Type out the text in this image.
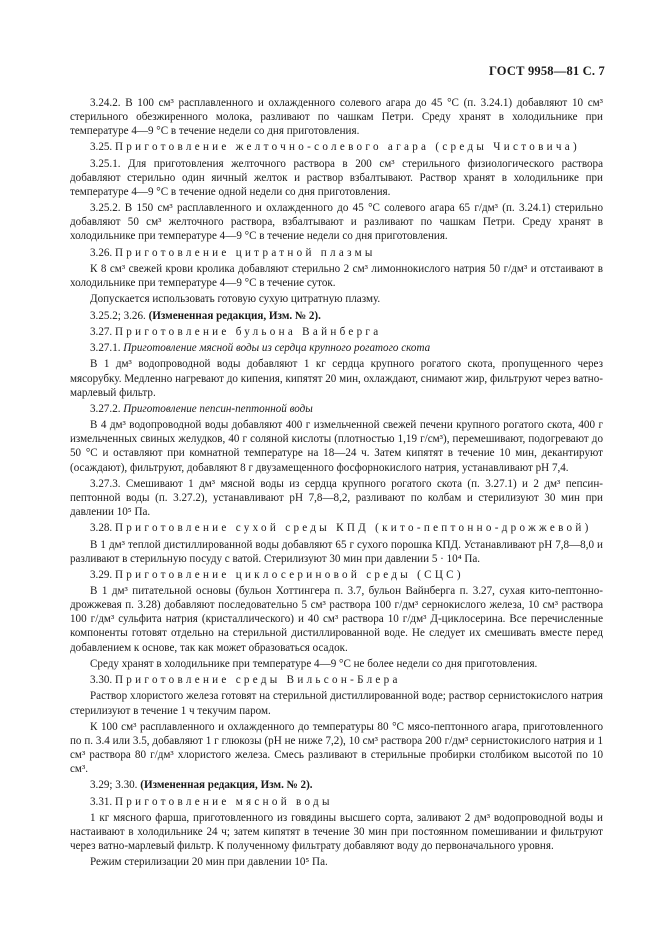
ГОСТ 9958—81 С. 7

3.24.2. В 100 см³ расплавленного и охлажденного солевого агара до 45 °С (п. 3.24.1) добавляют 10 см³ стерильного обезжиренного молока, разливают по чашкам Петри. Среду хранят в холодильнике при температуре 4—9 °С в течение недели со дня приготовления.

3.25. Приготовление желточно-солевого агара (среды Чистовича)

3.25.1. Для приготовления желточного раствора в 200 см³ стерильного физиологического раствора добавляют стерильно один яичный желток и раствор взбалтывают. Раствор хранят в холодильнике при температуре 4—9 °С в течение одной недели со дня приготовления.

3.25.2. В 150 см³ расплавленного и охлажденного до 45 °С солевого агара 65 г/дм³ (п. 3.24.1) стерильно добавляют 50 см³ желточного раствора, взбалтывают и разливают по чашкам Петри. Среду хранят в холодильнике при температуре 4—9 °С в течение недели со дня приготовления.

3.26. Приготовление цитратной плазмы

К 8 см³ свежей крови кролика добавляют стерильно 2 см³ лимоннокислого натрия 50 г/дм³ и отстаивают в холодильнике при температуре 4—9 °С в течение суток.

Допускается использовать готовую сухую цитратную плазму.

3.25.2; 3.26. (Измененная редакция, Изм. № 2).

3.27. Приготовление бульона Вайнберга

3.27.1. Приготовление мясной воды из сердца крупного рогатого скота

В 1 дм³ водопроводной воды добавляют 1 кг сердца крупного рогатого скота, пропущенного через мясорубку. Медленно нагревают до кипения, кипятят 20 мин, охлаждают, снимают жир, фильтруют через ватно-марлевый фильтр.

3.27.2. Приготовление пепсин-пептонной воды

В 4 дм³ водопроводной воды добавляют 400 г измельченной свежей печени крупного рогатого скота, 400 г измельченных свиных желудков, 40 г соляной кислоты (плотностью 1,19 г/см³), перемешивают, подогревают до 50 °С и оставляют при комнатной температуре на 18—24 ч. Затем кипятят в течение 10 мин, декантируют (осаждают), фильтруют, добавляют 8 г двузамещенного фосфорнокислого натрия, устанавливают рН 7,4.

3.27.3. Смешивают 1 дм³ мясной воды из сердца крупного рогатого скота (п. 3.27.1) и 2 дм³ пепсин-пептонной воды (п. 3.27.2), устанавливают рН 7,8—8,2, разливают по колбам и стерилизуют 30 мин при давлении 10⁵ Па.

3.28. Приготовление сухой среды КПД (кито-пептонно-дрожжевой)

В 1 дм³ теплой дистиллированной воды добавляют 65 г сухого порошка КПД. Устанавливают рН 7,8—8,0 и разливают в стерильную посуду с ватой. Стерилизуют 30 мин при давлении 5 · 10⁴ Па.

3.29. Приготовление циклосериновой среды (СЦС)

В 1 дм³ питательной основы (бульон Хоттингера п. 3.7, бульон Вайнберга п. 3.27, сухая кито-пептонно-дрожжевая п. 3.28) добавляют последовательно 5 см³ раствора 100 г/дм³ сернокислого железа, 10 см³ раствора 100 г/дм³ сульфита натрия (кристаллического) и 40 см³ раствора 10 г/дм³ Д-циклосерина. Все перечисленные компоненты готовят отдельно на стерильной дистиллированной воде. Не следует их смешивать вместе перед добавлением к основе, так как может образоваться осадок.

Среду хранят в холодильнике при температуре 4—9 °С не более недели со дня приготовления.

3.30. Приготовление среды Вильсон-Блера

Раствор хлористого железа готовят на стерильной дистиллированной воде; раствор сернистокислого натрия стерилизуют в течение 1 ч текучим паром.

К 100 см³ расплавленного и охлажденного до температуры 80 °С мясо-пептонного агара, приготовленного по п. 3.4 или 3.5, добавляют 1 г глюкозы (рН не ниже 7,2), 10 см³ раствора 200 г/дм³ сернистокислого натрия и 1 см³ раствора 80 г/дм³ хлористого железа. Смесь разливают в стерильные пробирки столбиком высотой по 10 см³.

3.29; 3.30. (Измененная редакция, Изм. № 2).

3.31. Приготовление мясной воды

1 кг мясного фарша, приготовленного из говядины высшего сорта, заливают 2 дм³ водопроводной воды и настаивают в холодильнике 24 ч; затем кипятят в течение 30 мин при постоянном помешивании и фильтруют через ватно-марлевый фильтр. К полученному фильтрату добавляют воду до первоначального уровня.

Режим стерилизации 20 мин при давлении 10⁵ Па.
